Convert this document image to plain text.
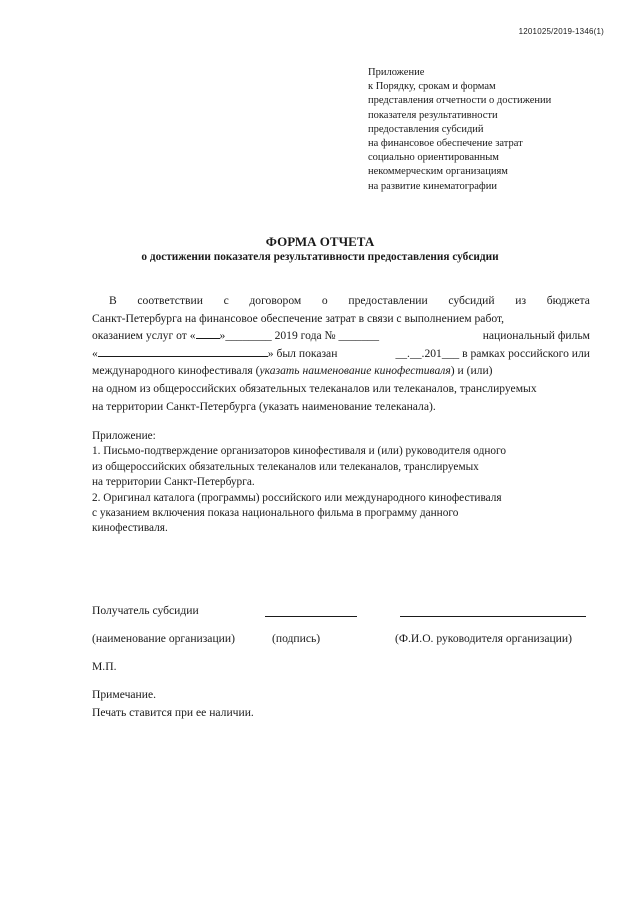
1201025/2019-1346(1)
Приложение
к Порядку, срокам и формам
представления отчетности о достижении
показателя результативности
предоставления субсидий
на финансовое обеспечение затрат
социально ориентированным
некоммерческим организациям
на развитие кинематографии
ФОРМА ОТЧЕТА
о достижении показателя результативности предоставления субсидии
В соответствии с договором о предоставлении субсидий из бюджета
Санкт-Петербурга на финансовое обеспечение затрат в связи с выполнением работ,
оказанием услуг от « »________ 2019 года № _______	национальный фильм
«	» был показан	__.__.201___ в рамках российского или
международного кинофестиваля ( указать наименование кинофестиваля ) и (или)
на одном из общероссийских обязательных телеканалов или телеканалов, транслируемых
на территории Санкт-Петербурга (указать наименование телеканала).
Приложение:
1. Письмо-подтверждение организаторов кинофестиваля и (или) руководителя одного
из общероссийских обязательных телеканалов или телеканалов, транслируемых
на территории Санкт-Петербурга.
2. Оригинал каталога (программы) российского или международного кинофестиваля
с указанием включения показа национального фильма в программу данного
кинофестиваля.
Получатель субсидии
(наименование организации)	(подпись)	(Ф.И.О. руководителя организации)
М.П.
Примечание.
Печать ставится при ее наличии.
